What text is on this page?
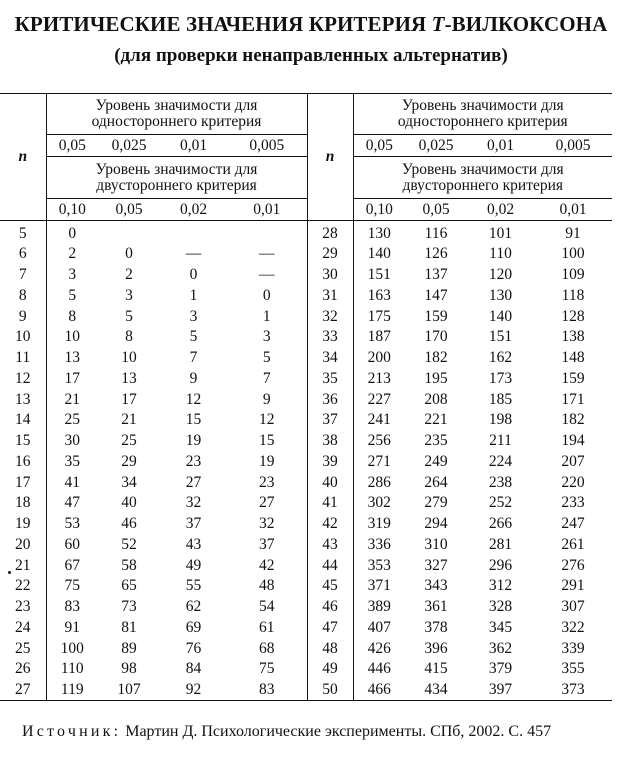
КРИТИЧЕСКИЕ ЗНАЧЕНИЯ КРИТЕРИЯ T-ВИЛКОКСОНА
(для проверки ненаправленных альтернатив)
n	Уровень значимости для одностороннего критерия				n	Уровень значимости для одностороннего критерия			
	0,05	0,025	0,01	0,005		0,05	0,025	0,01	0,005
	Уровень значимости для двустороннего критерия					Уровень значимости для двустороннего критерия			
	0,10	0,05	0,02	0,01		0,10	0,05	0,02	0,01
5	0				28	130	116	101	91
6	2	0	—	—	29	140	126	110	100
7	3	2	0	—	30	151	137	120	109
8	5	3	1	0	31	163	147	130	118
9	8	5	3	1	32	175	159	140	128
10	10	8	5	3	33	187	170	151	138
11	13	10	7	5	34	200	182	162	148
12	17	13	9	7	35	213	195	173	159
13	21	17	12	9	36	227	208	185	171
14	25	21	15	12	37	241	221	198	182
15	30	25	19	15	38	256	235	211	194
16	35	29	23	19	39	271	249	224	207
17	41	34	27	23	40	286	264	238	220
18	47	40	32	27	41	302	279	252	233
19	53	46	37	32	42	319	294	266	247
20	60	52	43	37	43	336	310	281	261
21	67	58	49	42	44	353	327	296	276
22	75	65	55	48	45	371	343	312	291
23	83	73	62	54	46	389	361	328	307
24	91	81	69	61	47	407	378	345	322
25	100	89	76	68	48	426	396	362	339
26	110	98	84	75	49	446	415	379	355
27	119	107	92	83	50	466	434	397	373
Источник: Мартин Д. Психологические эксперименты. СПб, 2002. С. 457
